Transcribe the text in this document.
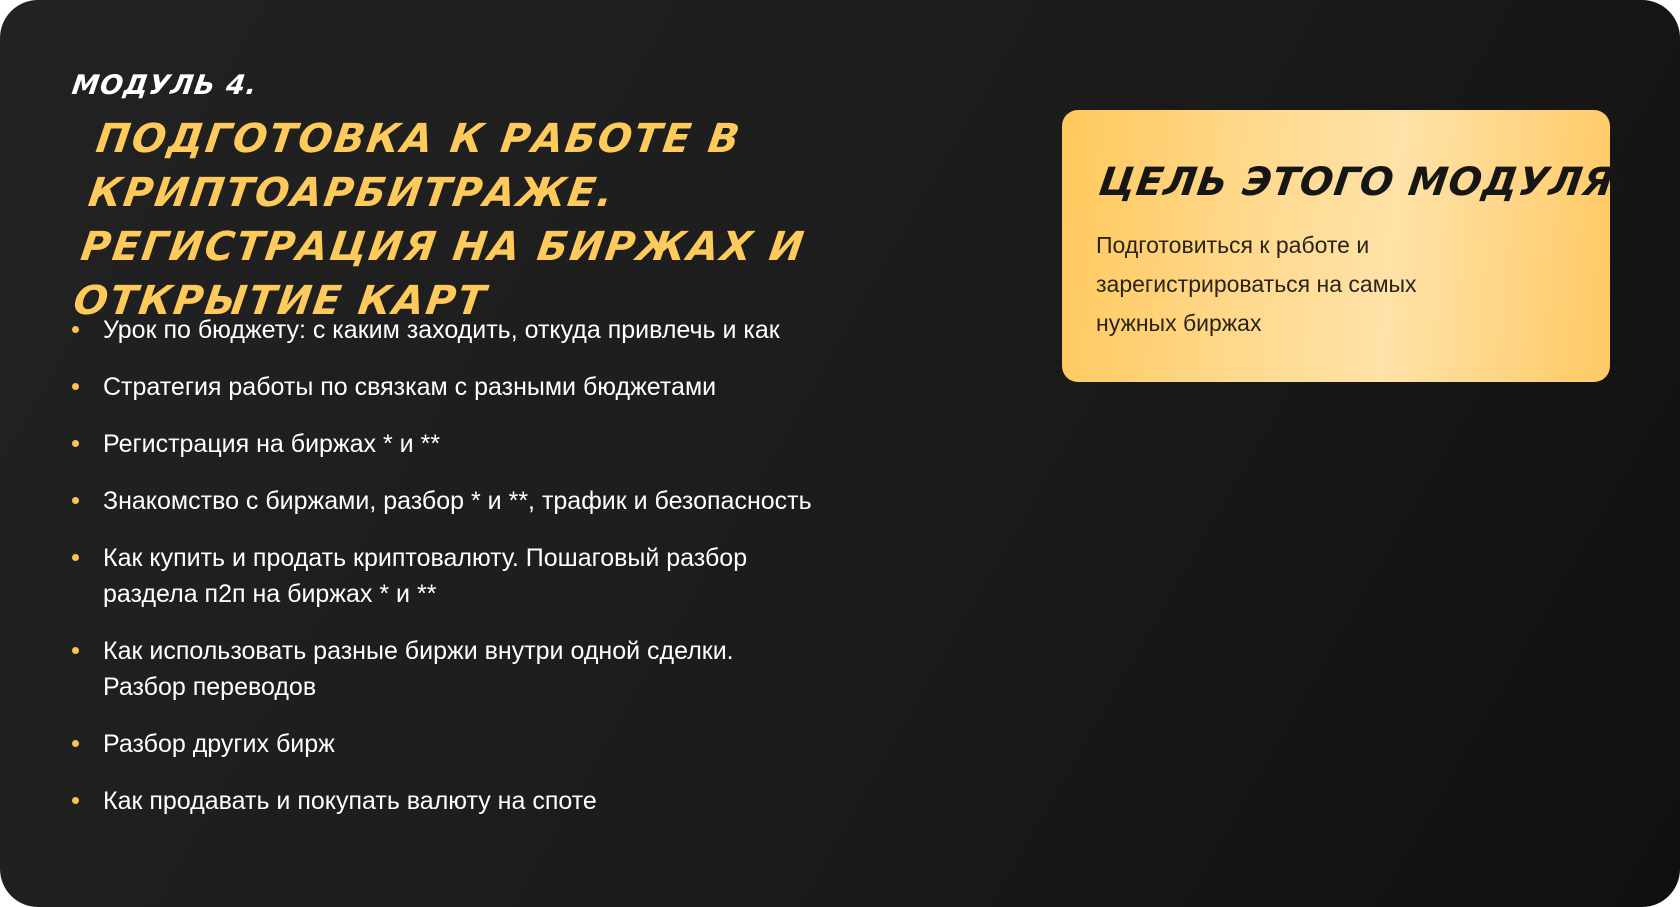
МОДУЛЬ 4.
ПОДГОТОВКА К РАБОТЕ В КРИПТОАРБИТРАЖЕ. РЕГИСТРАЦИЯ НА БИРЖАХ И ОТКРЫТИЕ КАРТ
Урок по бюджету: с каким заходить, откуда привлечь и как
Стратегия работы по связкам с разными бюджетами
Регистрация на биржах * и **
Знакомство с биржами, разбор * и **, трафик и безопасность
Как купить и продать криптовалюту. Пошаговый разбор раздела п2п на биржах * и **
Как использовать разные биржи внутри одной сделки. Разбор переводов
Разбор других бирж
Как продавать и покупать валюту на споте
ЦЕЛЬ ЭТОГО МОДУЛЯ:
Подготовиться к работе и зарегистрироваться на самых нужных биржах
